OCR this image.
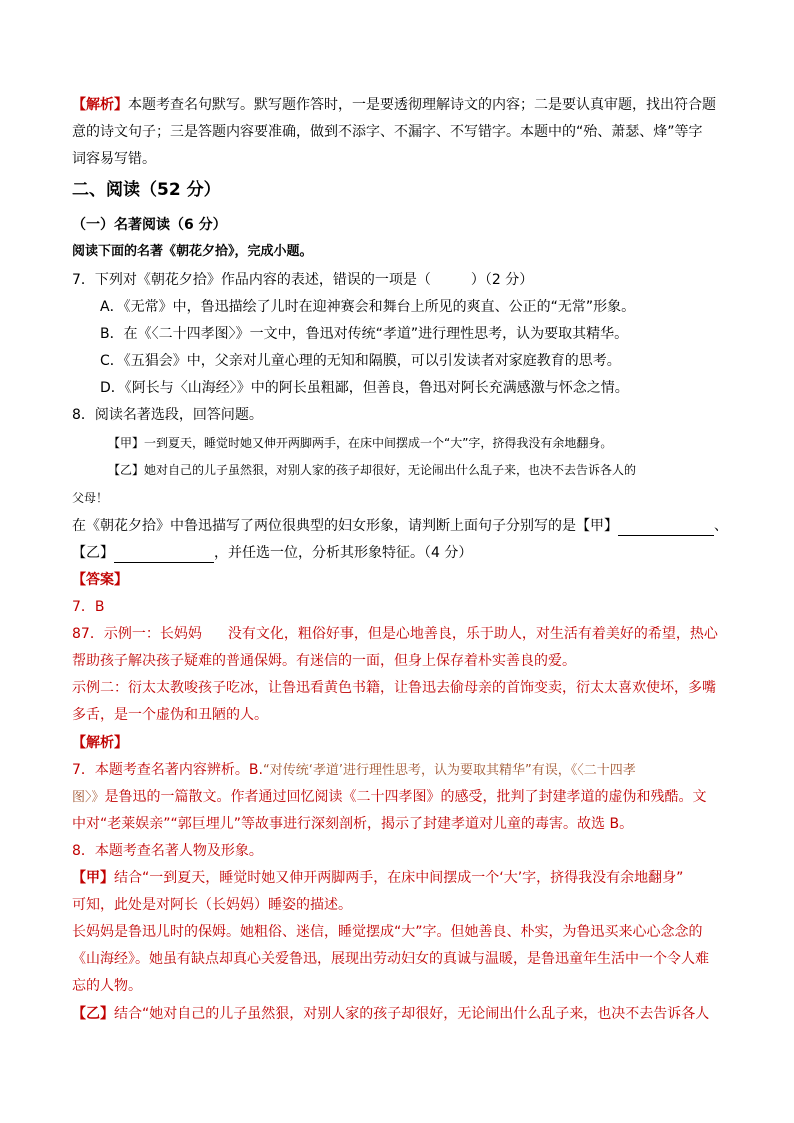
【解析】本题考查名句默写。默写题作答时，一是要透彻理解诗文的内容；二是要认真审题，找出符合题
意的诗文句子；三是答题内容要准确，做到不添字、不漏字、不写错字。本题中的“殆、萧瑟、烽”等字
词容易写错。
二、阅读（52 分）
（一）名著阅读（6 分）
阅读下面的名著《朝花夕拾》，完成小题。
7．下列对《朝花夕拾》作品内容的表述，错误的一项是（	）（2 分）
A．《无常》中，鲁迅描绘了儿时在迎神赛会和舞台上所见的爽直、公正的“无常”形象。
B．在《〈二十四孝图〉》一文中，鲁迅对传统“孝道”进行理性思考，认为要取其精华。
C．《五猖会》中，父亲对儿童心理的无知和隔膜，可以引发读者对家庭教育的思考。
D．《阿长与〈山海经〉》中的阿长虽粗鄙，但善良，鲁迅对阿长充满感激与怀念之情。
8．阅读名著选段，回答问题。
【甲】一到夏天，睡觉时她又伸开两脚两手，在床中间摆成一个“大”字，挤得我没有余地翻身。
【乙】她对自己的儿子虽然狠，对别人家的孩子却很好，无论闹出什么乱子来，也决不去告诉各人的
父母！
在《朝花夕拾》中鲁迅描写了两位很典型的妇女形象，请判断上面句子分别写的是【甲】	、
【乙】	，并任选一位，分析其形象特征。（4 分）
【答案】
7．B
87．示例一：长妈妈 没有文化，粗俗好事，但是心地善良，乐于助人，对生活有着美好的希望，热心
帮助孩子解决孩子疑难的普通保姆。有迷信的一面，但身上保存着朴实善良的爱。
示例二：衍太太教唆孩子吃冰，让鲁迅看黄色书籍，让鲁迅去偷母亲的首饰变卖，衍太太喜欢使坏，多嘴
多舌，是一个虚伪和丑陋的人。
【解析】
7．本题考查名著内容辨析。B.“对传统‘孝道’进行理性思考，认为要取其精华”有误，《〈二十四孝
图〉》是鲁迅的一篇散文。作者通过回忆阅读《二十四孝图》的感受，批判了封建孝道的虚伪和残酷。文
中对“老莱娱亲”“郭巨埋儿”等故事进行深刻剖析，揭示了封建孝道对儿童的毒害。故选 B。
8．本题考查名著人物及形象。
【甲】结合“一到夏天，睡觉时她又伸开两脚两手，在床中间摆成一个‘大’字，挤得我没有余地翻身”
可知，此处是对阿长（长妈妈）睡姿的描述。
长妈妈是鲁迅儿时的保姆。她粗俗、迷信，睡觉摆成“大”字。但她善良、朴实，为鲁迅买来心心念念的
《山海经》。她虽有缺点却真心关爱鲁迅，展现出劳动妇女的真诚与温暖，是鲁迅童年生活中一个令人难
忘的人物。
【乙】结合“她对自己的儿子虽然狠，对别人家的孩子却很好，无论闹出什么乱子来，也决不去告诉各人
